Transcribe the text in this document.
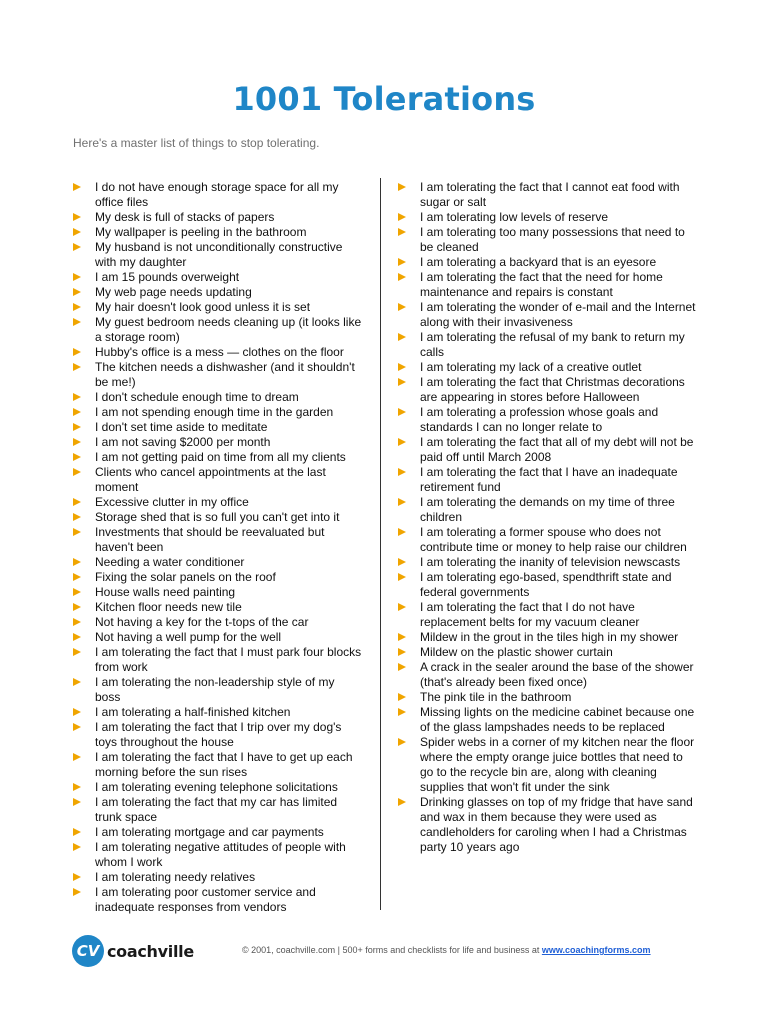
1001 Tolerations
Here's a master list of things to stop tolerating.
I do not have enough storage space for all my office files
My desk is full of stacks of papers
My wallpaper is peeling in the bathroom
My husband is not unconditionally constructive with my daughter
I am 15 pounds overweight
My web page needs updating
My hair doesn't look good unless it is set
My guest bedroom needs cleaning up (it looks like a storage room)
Hubby's office is a mess — clothes on the floor
The kitchen needs a dishwasher (and it shouldn't be me!)
I don't schedule enough time to dream
I am not spending enough time in the garden
I don't set time aside to meditate
I am not saving $2000 per month
I am not getting paid on time from all my clients
Clients who cancel appointments at the last moment
Excessive clutter in my office
Storage shed that is so full you can't get into it
Investments that should be reevaluated but haven't been
Needing a water conditioner
Fixing the solar panels on the roof
House walls need painting
Kitchen floor needs new tile
Not having a key for the t-tops of the car
Not having a well pump for the well
I am tolerating the fact that I must park four blocks from work
I am tolerating the non-leadership style of my boss
I am tolerating a half-finished kitchen
I am tolerating the fact that I trip over my dog's toys throughout the house
I am tolerating the fact that I have to get up each morning before the sun rises
I am tolerating evening telephone solicitations
I am tolerating the fact that my car has limited trunk space
I am tolerating mortgage and car payments
I am tolerating negative attitudes of people with whom I work
I am tolerating needy relatives
I am tolerating poor customer service and inadequate responses from vendors
I am tolerating the fact that I cannot eat food with sugar or salt
I am tolerating low levels of reserve
I am tolerating too many possessions that need to be cleaned
I am tolerating a backyard that is an eyesore
I am tolerating the fact that the need for home maintenance and repairs is constant
I am tolerating the wonder of e-mail and the Internet along with their invasiveness
I am tolerating the refusal of my bank to return my calls
I am tolerating my lack of a creative outlet
I am tolerating the fact that Christmas decorations are appearing in stores before Halloween
I am tolerating a profession whose goals and standards I can no longer relate to
I am tolerating the fact that all of my debt will not be paid off until March 2008
I am tolerating the fact that I have an inadequate retirement fund
I am tolerating the demands on my time of three children
I am tolerating a former spouse who does not contribute time or money to help raise our children
I am tolerating the inanity of television newscasts
I am tolerating ego-based, spendthrift state and federal governments
I am tolerating the fact that I do not have replacement belts for my vacuum cleaner
Mildew in the grout in the tiles high in my shower
Mildew on the plastic shower curtain
A crack in the sealer around the base of the shower (that's already been fixed once)
The pink tile in the bathroom
Missing lights on the medicine cabinet because one of the glass lampshades needs to be replaced
Spider webs in a corner of my kitchen near the floor where the empty orange juice bottles that need to go to the recycle bin are, along with cleaning supplies that won't fit under the sink
Drinking glasses on top of my fridge that have sand and wax in them because they were used as candleholders for caroling when I had a Christmas party 10 years ago
CV coachville	© 2001, coachville.com | 500+ forms and checklists for life and business at www.coachingforms.com
